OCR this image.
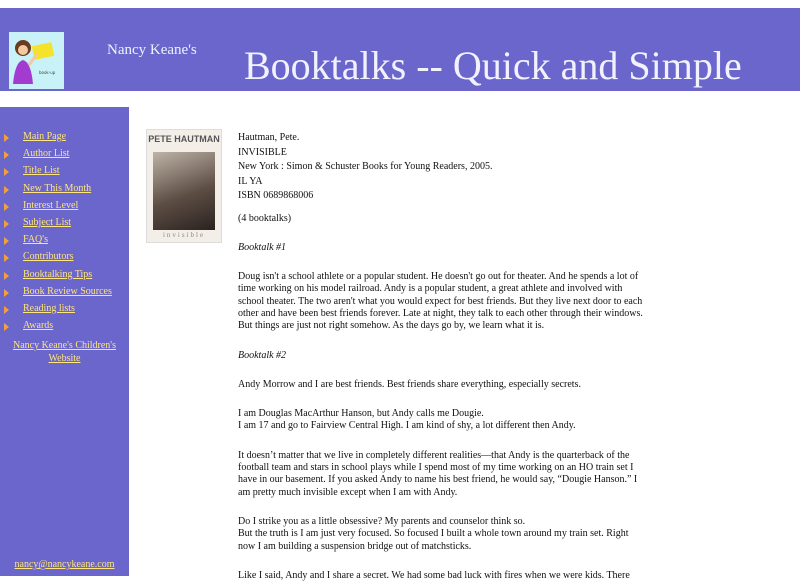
book‑up
Nancy Keane's Booktalks -- Quick and Simple
Main Page
Author List
Title List
New This Month
Interest Level
Subject List
FAQ's
Contributors
Booktalking Tips
Book Review Sources
Reading lists
Awards
Nancy Keane's Children's Website
nancy@nancykeane.com
PETE HAUTMAN
invisible

Hautman, Pete.

INVISIBLE

New York : Simon & Schuster Books for Young Readers, 2005.

IL YA

ISBN 0689868006

(4 booktalks)

Booktalk #1

Doug isn't a school athlete or a popular student. He doesn't go out for theater. And he spends a lot of time working on his model railroad. Andy is a popular student, a great athlete and involved with school theater. The two aren't what you would expect for best friends. But they live next door to each other and have been best friends forever. Late at night, they talk to each other through their windows. But things are just not right somehow. As the days go by, we learn what it is.

Booktalk #2

Andy Morrow and I are best friends. Best friends share everything, especially secrets.

I am Douglas MacArthur Hanson, but Andy calls me Dougie.
I am 17 and go to Fairview Central High. I am kind of shy, a lot different then Andy.

It doesn’t matter that we live in completely different realities—that Andy is the quarterback of the football team and stars in school plays while I spend most of my time working on an HO train set I have in our basement. If you asked Andy to name his best friend, he would say, “Dougie Hanson.” I am pretty much invisible except when I am with Andy.

Do I strike you as a little obsessive? My parents and counselor think so.
But the truth is I am just very focused. So focused I built a whole town around my train set. Right now I am building a suspension bridge out of matchsticks.

Like I said, Andy and I share a secret. We had some bad luck with fires when we were kids. There
